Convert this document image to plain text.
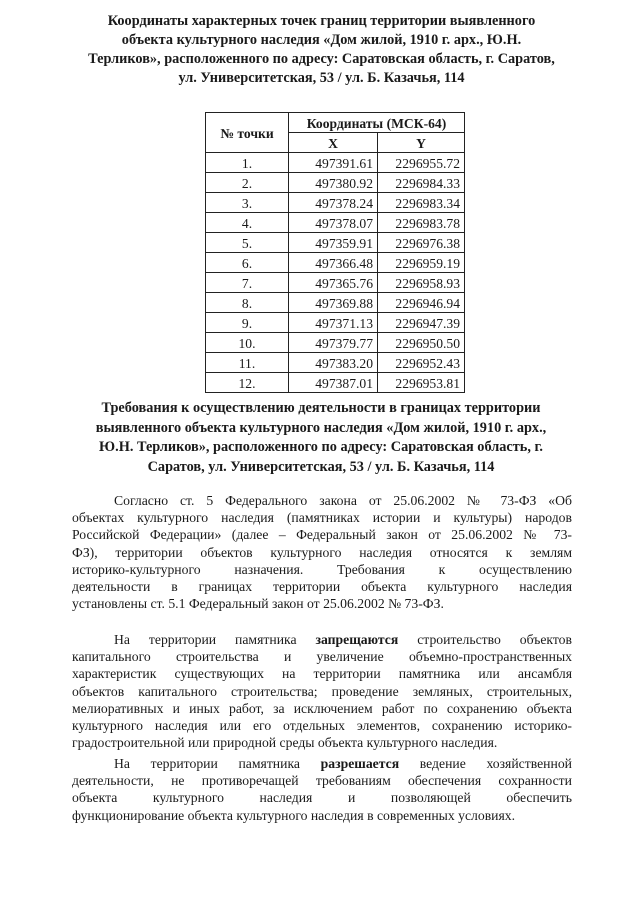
Координаты характерных точек границ территории выявленного
объекта культурного наследия «Дом жилой, 1910 г. арх., Ю.Н.
Терликов», расположенного по адресу: Саратовская область, г. Саратов,
ул. Университетская, 53 / ул. Б. Казачья, 114
№ точки	Координаты (МСК-64)	
	X	Y
1.	497391.61	2296955.72
2.	497380.92	2296984.33
3.	497378.24	2296983.34
4.	497378.07	2296983.78
5.	497359.91	2296976.38
6.	497366.48	2296959.19
7.	497365.76	2296958.93
8.	497369.88	2296946.94
9.	497371.13	2296947.39
10.	497379.77	2296950.50
11.	497383.20	2296952.43
12.	497387.01	2296953.81
Требования к осуществлению деятельности в границах территории
выявленного объекта культурного наследия «Дом жилой, 1910 г. арх.,
Ю.Н. Терликов», расположенного по адресу: Саратовская область, г.
Саратов, ул. Университетская, 53 / ул. Б. Казачья, 114
Согласно ст. 5 Федерального закона от 25.06.2002 № 73-ФЗ «Об
объектах культурного наследия (памятниках истории и культуры) народов
Российской Федерации» (далее – Федеральный закон от 25.06.2002 № 73-
ФЗ), территории объектов культурного наследия относятся к землям
историко-культурного назначения. Требования к осуществлению
деятельности в границах территории объекта культурного наследия
установлены ст. 5.1 Федеральный закон от 25.06.2002 № 73-ФЗ.
На территории памятника запрещаются строительство объектов
капитального строительства и увеличение объемно-пространственных
характеристик существующих на территории памятника или ансамбля
объектов капитального строительства; проведение земляных, строительных,
мелиоративных и иных работ, за исключением работ по сохранению объекта
культурного наследия или его отдельных элементов, сохранению историко-
градостроительной или природной среды объекта культурного наследия.
На территории памятника разрешается ведение хозяйственной
деятельности, не противоречащей требованиям обеспечения сохранности
объекта культурного наследия и позволяющей обеспечить
функционирование объекта культурного наследия в современных условиях.
